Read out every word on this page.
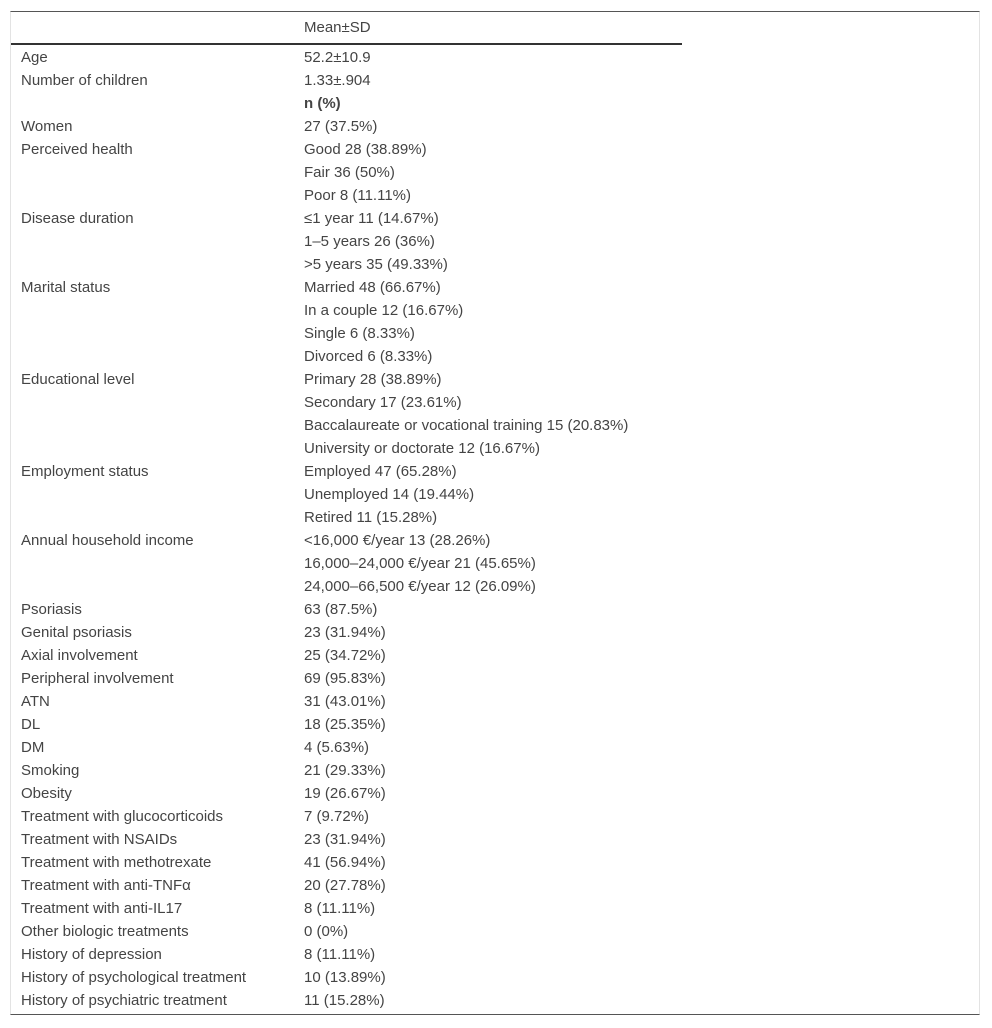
	Mean±SD
Age	52.2±10.9
Number of children	1.33±.904
	n (%)
Women	27 (37.5%)
Perceived health	Good 28 (38.89%)
	Fair 36 (50%)
	Poor 8 (11.11%)
Disease duration	≤1 year 11 (14.67%)
	1–5 years 26 (36%)
	>5 years 35 (49.33%)
Marital status	Married 48 (66.67%)
	In a couple 12 (16.67%)
	Single 6 (8.33%)
	Divorced 6 (8.33%)
Educational level	Primary 28 (38.89%)
	Secondary 17 (23.61%)
	Baccalaureate or vocational training 15 (20.83%)
	University or doctorate 12 (16.67%)
Employment status	Employed 47 (65.28%)
	Unemployed 14 (19.44%)
	Retired 11 (15.28%)
Annual household income	<16,000 €/year 13 (28.26%)
	16,000–24,000 €/year 21 (45.65%)
	24,000–66,500 €/year 12 (26.09%)
Psoriasis	63 (87.5%)
Genital psoriasis	23 (31.94%)
Axial involvement	25 (34.72%)
Peripheral involvement	69 (95.83%)
ATN	31 (43.01%)
DL	18 (25.35%)
DM	4 (5.63%)
Smoking	21 (29.33%)
Obesity	19 (26.67%)
Treatment with glucocorticoids	7 (9.72%)
Treatment with NSAIDs	23 (31.94%)
Treatment with methotrexate	41 (56.94%)
Treatment with anti-TNFα	20 (27.78%)
Treatment with anti-IL17	8 (11.11%)
Other biologic treatments	0 (0%)
History of depression	8 (11.11%)
History of psychological treatment	10 (13.89%)
History of psychiatric treatment	11 (15.28%)
